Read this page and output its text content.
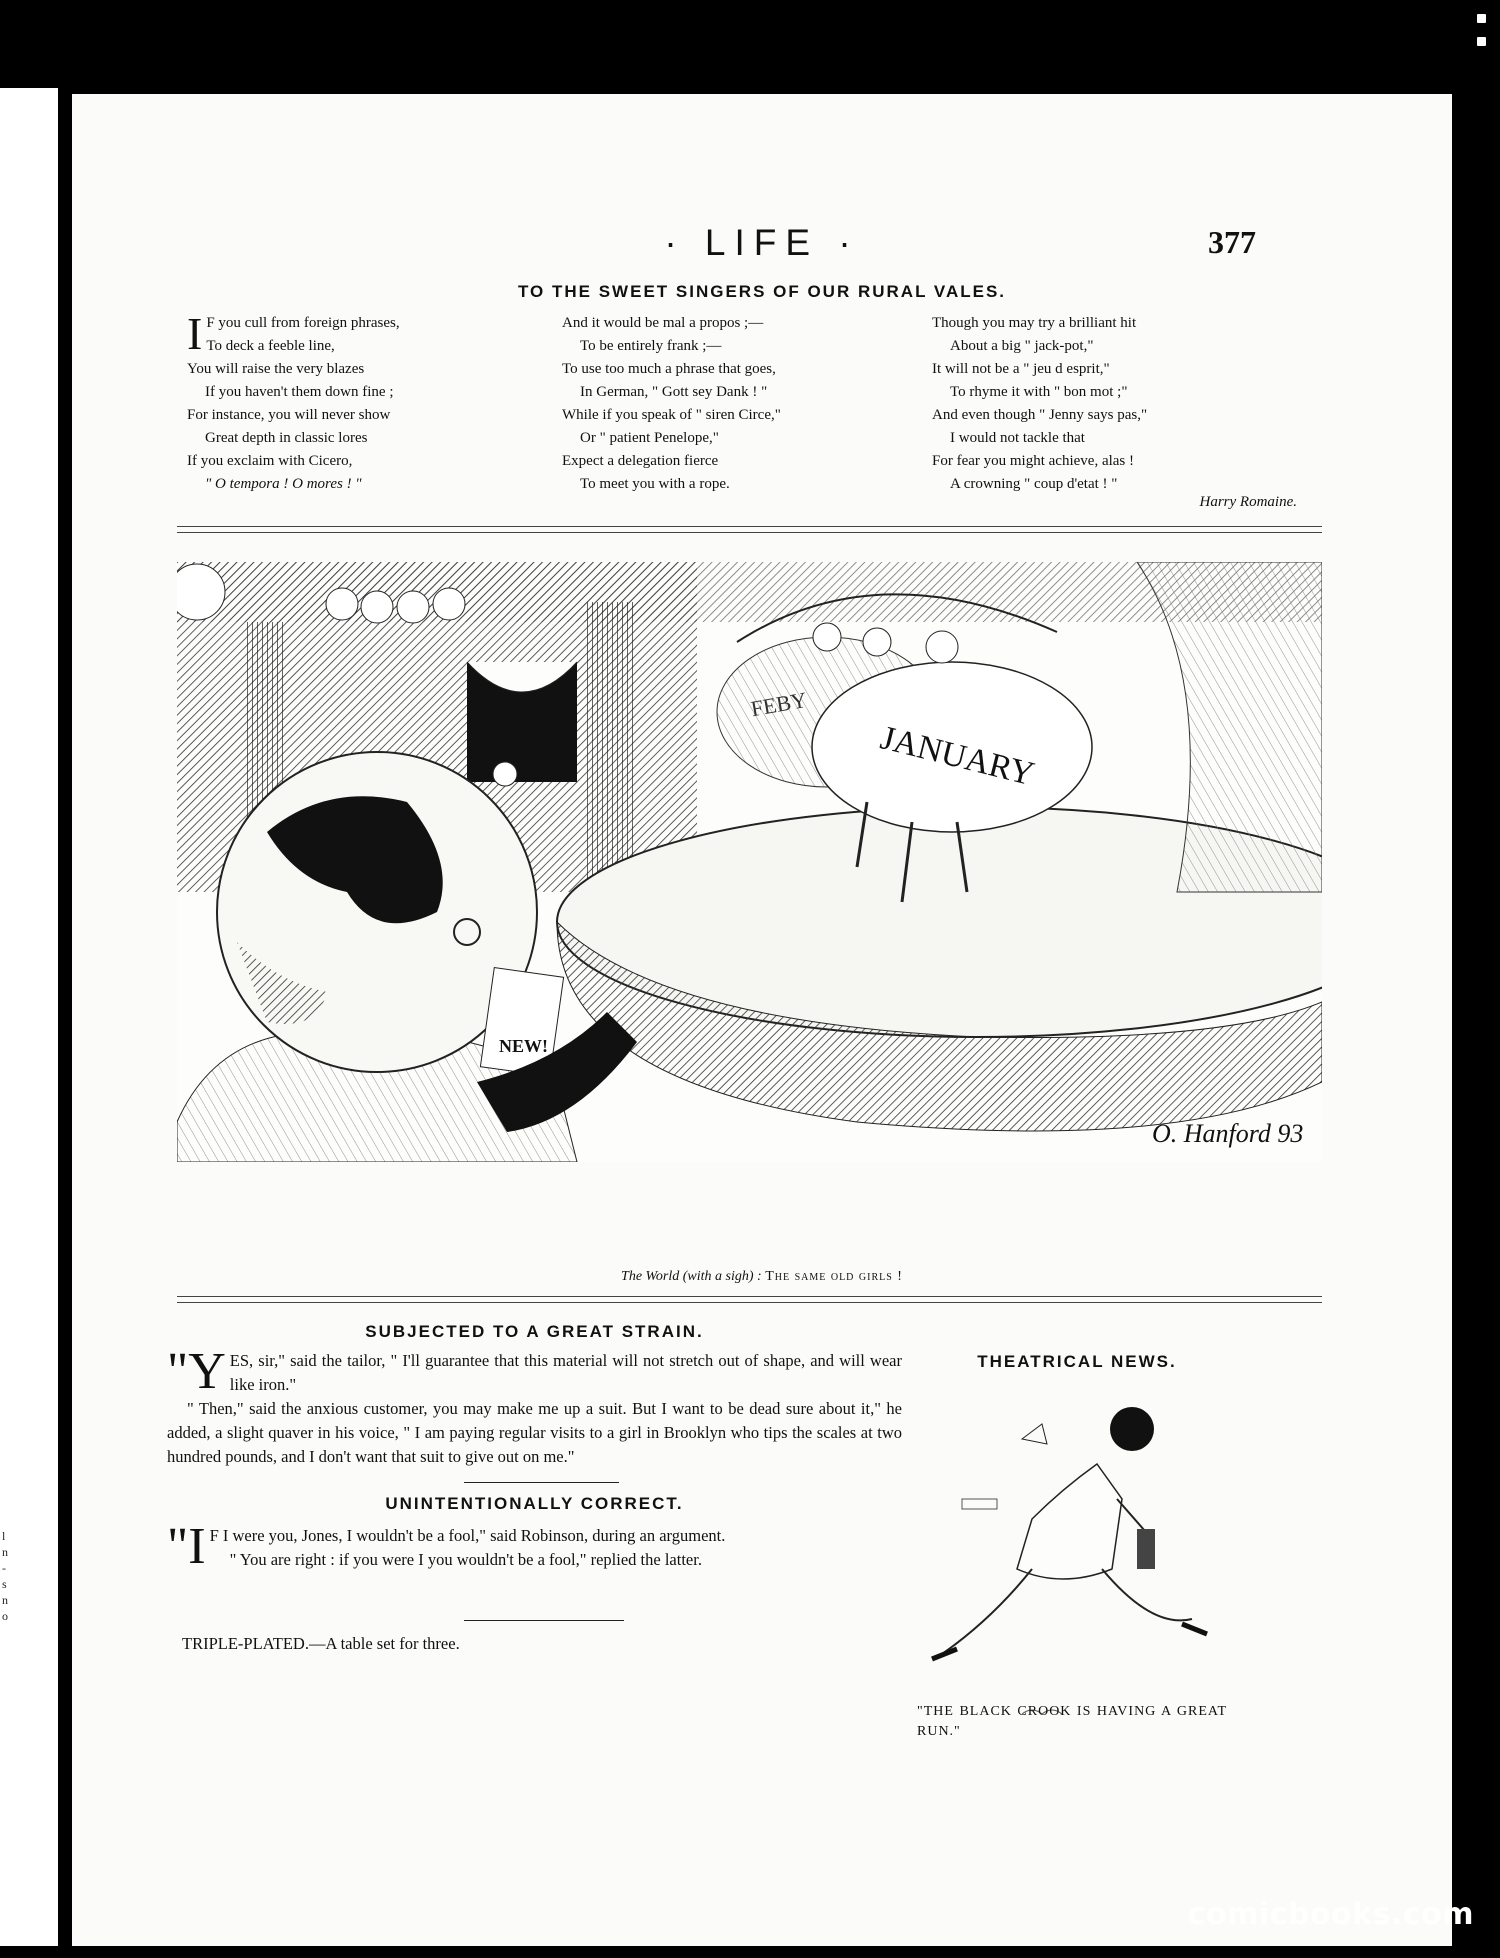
l
n
-
s
n
o
· LIFE ·	377
TO THE SWEET SINGERS OF OUR RURAL VALES.
I F you cull from foreign phrases,
To deck a feeble line,
You will raise the very blazes
If you haven't them down fine ;
For instance, you will never show
Great depth in classic lores
If you exclaim with Cicero,
" O tempora ! O mores ! "
And it would be mal a propos ;—
To be entirely frank ;—
To use too much a phrase that goes,
In German, " Gott sey Dank ! "
While if you speak of " siren Circe,"
Or " patient Penelope,"
Expect a delegation fierce
To meet you with a rope.
Though you may try a brilliant hit
About a big " jack-pot,"
It will not be a " jeu d esprit,"
To rhyme it with " bon mot ;"
And even though " Jenny says pas,"
I would not tackle that
For fear you might achieve, alas !
A crowning " coup d'etat ! "
Harry Romaine.
JANUARY
FEBY
NEW!
O. Hanford 93
The World (with a sigh) : The same old girls !
SUBJECTED TO A GREAT STRAIN.

"Y ES, sir," said the tailor, " I'll guarantee that this material will not stretch out of shape, and will wear like iron."

" Then," said the anxious customer, you may make me up a suit. But I want to be dead sure about it," he added, a slight quaver in his voice, " I am paying regular visits to a girl in Brooklyn who tips the scales at two hundred pounds, and I don't want that suit to give out on me."

UNINTENTIONALLY CORRECT.

"I F I were you, Jones, I wouldn't be a fool," said Robinson, during an argument.

" You are right : if you were I you wouldn't be a fool," replied the latter.

TRIPLE-PLATED.—A table set for three.
THEATRICAL NEWS.
"THE BLACK CROOK IS HAVING A GREAT RUN."
comicbooks.com
